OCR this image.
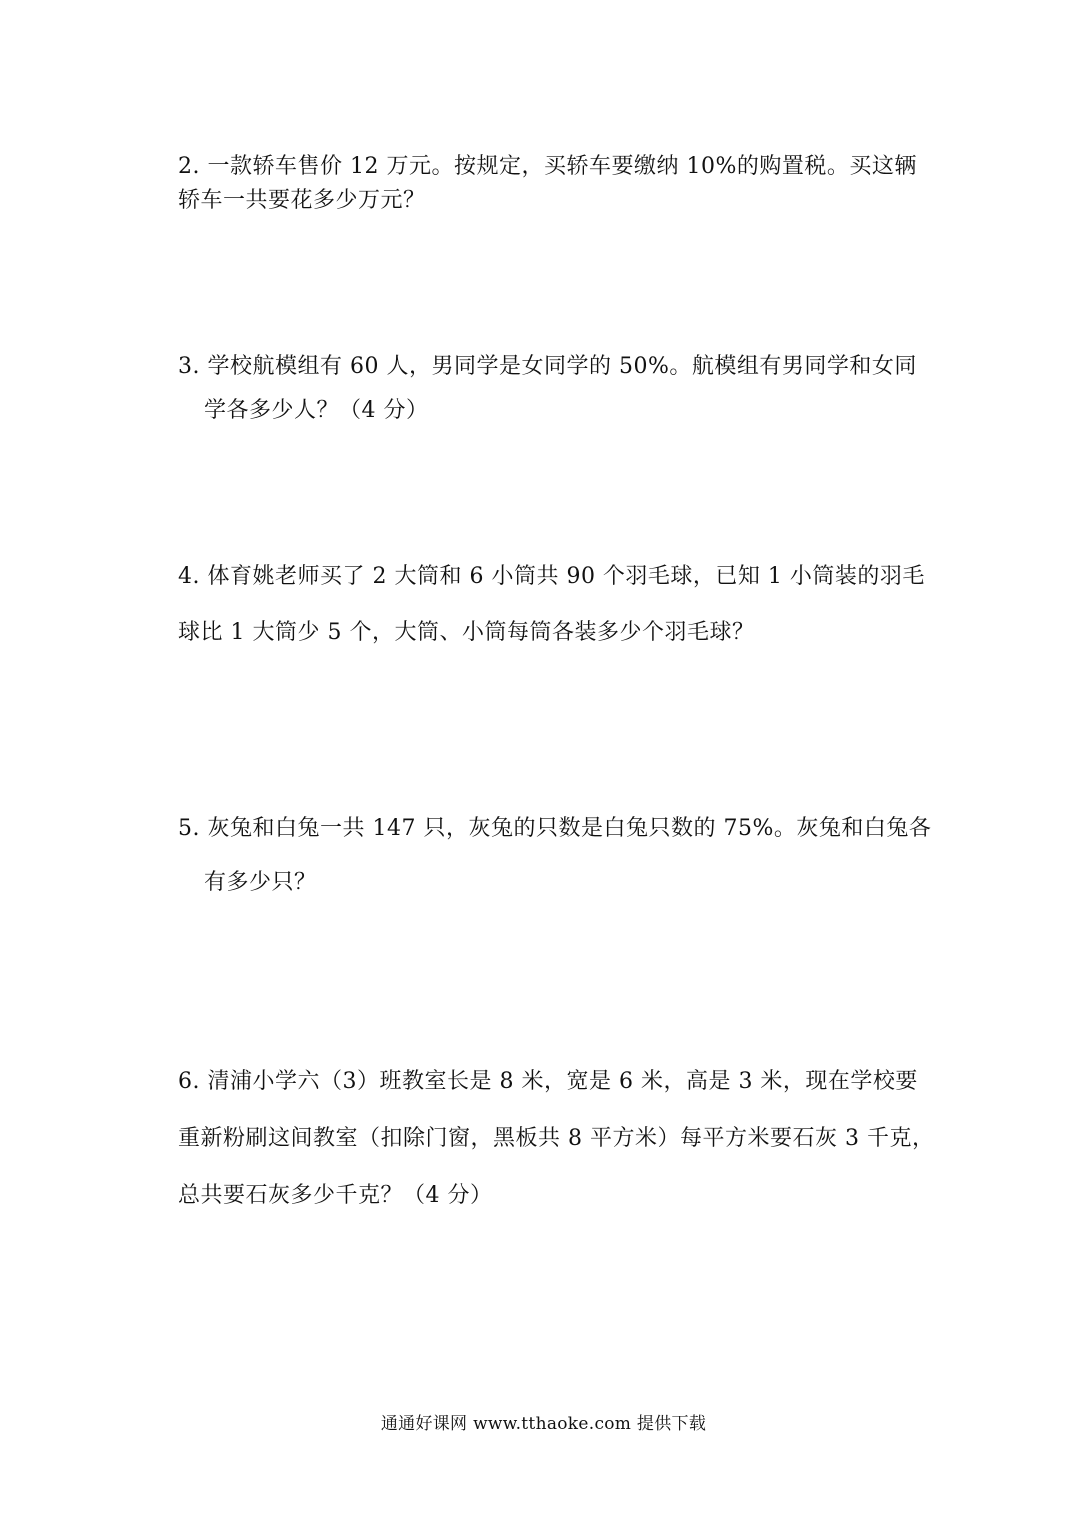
2. 一款轿车售价 12 万元。按规定，买轿车要缴纳 10%的购置税。买这辆
轿车一共要花多少万元？
3. 学校航模组有 60 人，男同学是女同学的 50%。航模组有男同学和女同
学各多少人？（4 分）
4. 体育姚老师买了 2 大筒和 6 小筒共 90 个羽毛球，已知 1 小筒装的羽毛
球比 1 大筒少 5 个，大筒、小筒每筒各装多少个羽毛球？
5. 灰兔和白兔一共 147 只，灰兔的只数是白兔只数的 75%。灰兔和白兔各
有多少只？
6. 清浦小学六（3）班教室长是 8 米，宽是 6 米，高是 3 米，现在学校要
重新粉刷这间教室（扣除门窗，黑板共 8 平方米）每平方米要石灰 3 千克，
总共要石灰多少千克？（4 分）
通通好课网 www.tthaoke.com 提供下载
